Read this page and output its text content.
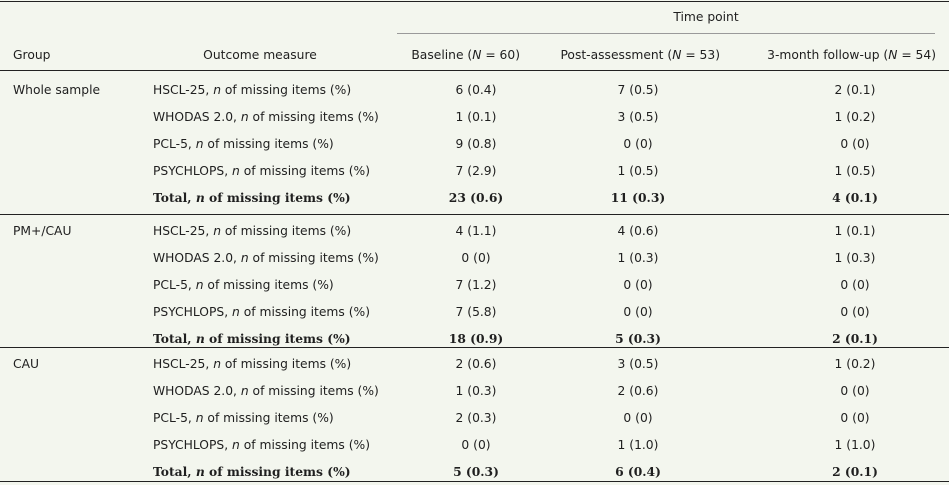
Time point
Group	Outcome measure	Baseline (N = 60)	Post-assessment (N = 53)	3-month follow-up (N = 54)
Whole sample	HSCL-25, n of missing items (%)	6 (0.4)	7 (0.5)	2 (0.1)
WHODAS 2.0, n of missing items (%)	1 (0.1)	3 (0.5)	1 (0.2)
PCL-5, n of missing items (%)	9 (0.8)	0 (0)	0 (0)
PSYCHLOPS, n of missing items (%)	7 (2.9)	1 (0.5)	1 (0.5)
Total, n of missing items (%)	23 (0.6)	11 (0.3)	4 (0.1)
PM+/CAU	HSCL-25, n of missing items (%)	4 (1.1)	4 (0.6)	1 (0.1)
WHODAS 2.0, n of missing items (%)	0 (0)	1 (0.3)	1 (0.3)
PCL-5, n of missing items (%)	7 (1.2)	0 (0)	0 (0)
PSYCHLOPS, n of missing items (%)	7 (5.8)	0 (0)	0 (0)
Total, n of missing items (%)	18 (0.9)	5 (0.3)	2 (0.1)
CAU	HSCL-25, n of missing items (%)	2 (0.6)	3 (0.5)	1 (0.2)
WHODAS 2.0, n of missing items (%)	1 (0.3)	2 (0.6)	0 (0)
PCL-5, n of missing items (%)	2 (0.3)	0 (0)	0 (0)
PSYCHLOPS, n of missing items (%)	0 (0)	1 (1.0)	1 (1.0)
Total, n of missing items (%)	5 (0.3)	6 (0.4)	2 (0.1)
